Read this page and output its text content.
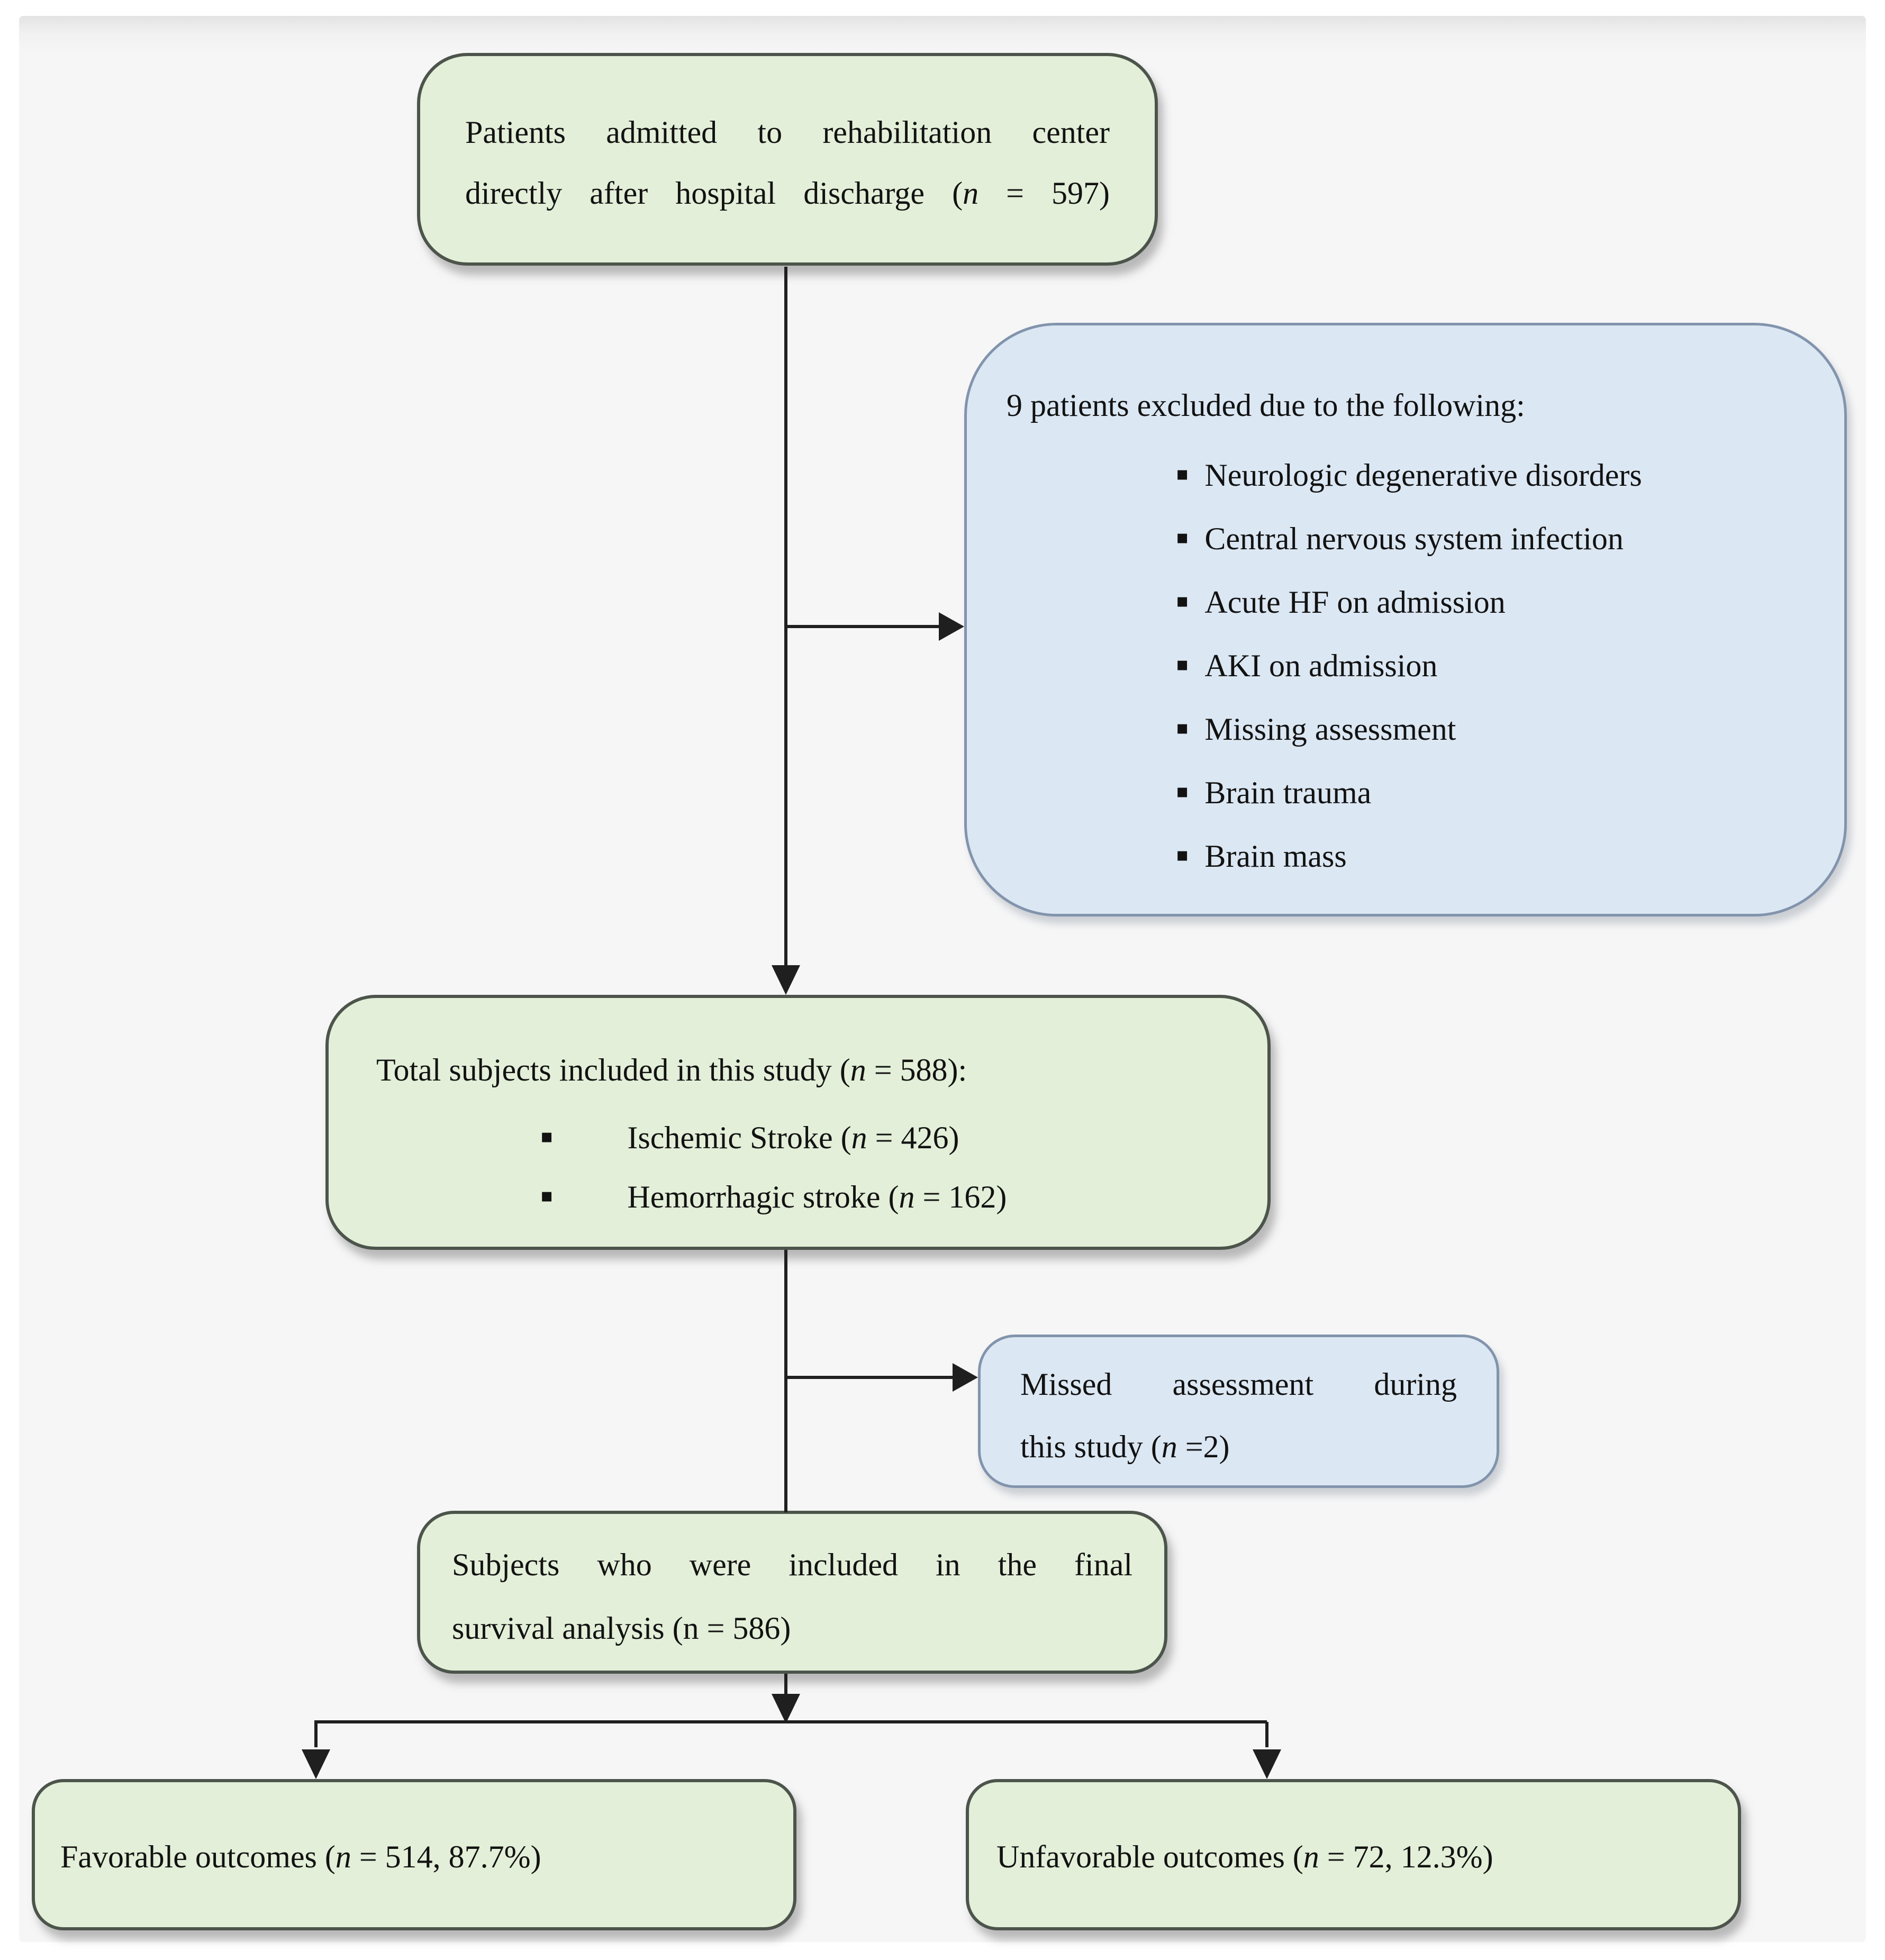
Patients admitted to rehabilitation center
directly after hospital discharge (n = 597)
9 patients excluded due to the following:
▪ Neurologic degenerative disorders
▪ Central nervous system infection
▪ Acute HF on admission
▪ AKI on admission
▪ Missing assessment
▪ Brain trauma
▪ Brain mass
Total subjects included in this study (n = 588):
▪ Ischemic Stroke (n = 426)
▪ Hemorrhagic stroke (n = 162)
Missed assessment during
this study (n =2)
Subjects who were included in the final
survival analysis (n = 586)
Favorable outcomes (n = 514, 87.7%)	Unfavorable outcomes (n = 72, 12.3%)
